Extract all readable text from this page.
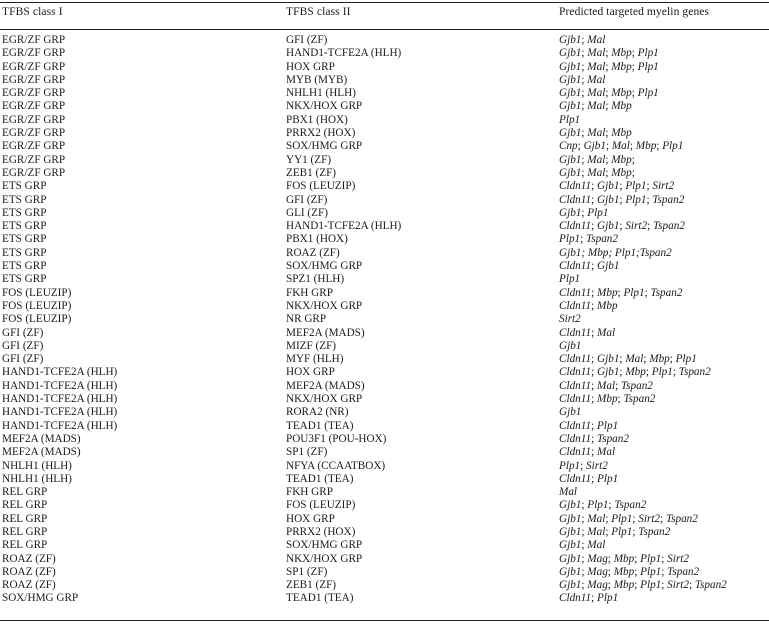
TFBS class I	TFBS class II	Predicted targeted myelin genes
EGR/ZF GRP	GFI (ZF)	Gjb1; Mal
EGR/ZF GRP	HAND1-TCFE2A (HLH)	Gjb1; Mal; Mbp; Plp1
EGR/ZF GRP	HOX GRP	Gjb1; Mal; Mbp; Plp1
EGR/ZF GRP	MYB (MYB)	Gjb1; Mal
EGR/ZF GRP	NHLH1 (HLH)	Gjb1; Mal; Mbp; Plp1
EGR/ZF GRP	NKX/HOX GRP	Gjb1; Mal; Mbp
EGR/ZF GRP	PBX1 (HOX)	Plp1
EGR/ZF GRP	PRRX2 (HOX)	Gjb1; Mal; Mbp
EGR/ZF GRP	SOX/HMG GRP	Cnp; Gjb1; Mal; Mbp; Plp1
EGR/ZF GRP	YY1 (ZF)	Gjb1; Mal; Mbp;
EGR/ZF GRP	ZEB1 (ZF)	Gjb1; Mal; Mbp;
ETS GRP	FOS (LEUZIP)	Cldn11; Gjb1; Plp1; Sirt2
ETS GRP	GFI (ZF)	Cldn11; Gjb1; Plp1; Tspan2
ETS GRP	GLI (ZF)	Gjb1; Plp1
ETS GRP	HAND1-TCFE2A (HLH)	Cldn11; Gjb1; Sirt2; Tspan2
ETS GRP	PBX1 (HOX)	Plp1; Tspan2
ETS GRP	ROAZ (ZF)	Gjb1; Mbp; Plp1;Tspan2
ETS GRP	SOX/HMG GRP	Cldn11; Gjb1
ETS GRP	SPZ1 (HLH)	Plp1
FOS (LEUZIP)	FKH GRP	Cldn11; Mbp; Plp1; Tspan2
FOS (LEUZIP)	NKX/HOX GRP	Cldn11; Mbp
FOS (LEUZIP)	NR GRP	Sirt2
GFI (ZF)	MEF2A (MADS)	Cldn11; Mal
GFI (ZF)	MIZF (ZF)	Gjb1
GFI (ZF)	MYF (HLH)	Cldn11; Gjb1; Mal; Mbp; Plp1
HAND1-TCFE2A (HLH)	HOX GRP	Cldn11; Gjb1; Mbp; Plp1; Tspan2
HAND1-TCFE2A (HLH)	MEF2A (MADS)	Cldn11; Mal; Tspan2
HAND1-TCFE2A (HLH)	NKX/HOX GRP	Cldn11; Mbp; Tspan2
HAND1-TCFE2A (HLH)	RORA2 (NR)	Gjb1
HAND1-TCFE2A (HLH)	TEAD1 (TEA)	Cldn11; Plp1
MEF2A (MADS)	POU3F1 (POU-HOX)	Cldn11; Tspan2
MEF2A (MADS)	SP1 (ZF)	Cldn11; Mal
NHLH1 (HLH)	NFYA (CCAATBOX)	Plp1; Sirt2
NHLH1 (HLH)	TEAD1 (TEA)	Cldn11; Plp1
REL GRP	FKH GRP	Mal
REL GRP	FOS (LEUZIP)	Gjb1; Plp1; Tspan2
REL GRP	HOX GRP	Gjb1; Mal; Plp1; Sirt2; Tspan2
REL GRP	PRRX2 (HOX)	Gjb1; Mal; Plp1; Tspan2
REL GRP	SOX/HMG GRP	Gjb1; Mal
ROAZ (ZF)	NKX/HOX GRP	Gjb1; Mag; Mbp; Plp1; Sirt2
ROAZ (ZF)	SP1 (ZF)	Gjb1; Mag; Mbp; Plp1; Tspan2
ROAZ (ZF)	ZEB1 (ZF)	Gjb1; Mag; Mbp; Plp1; Sirt2; Tspan2
SOX/HMG GRP	TEAD1 (TEA)	Cldn11; Plp1
